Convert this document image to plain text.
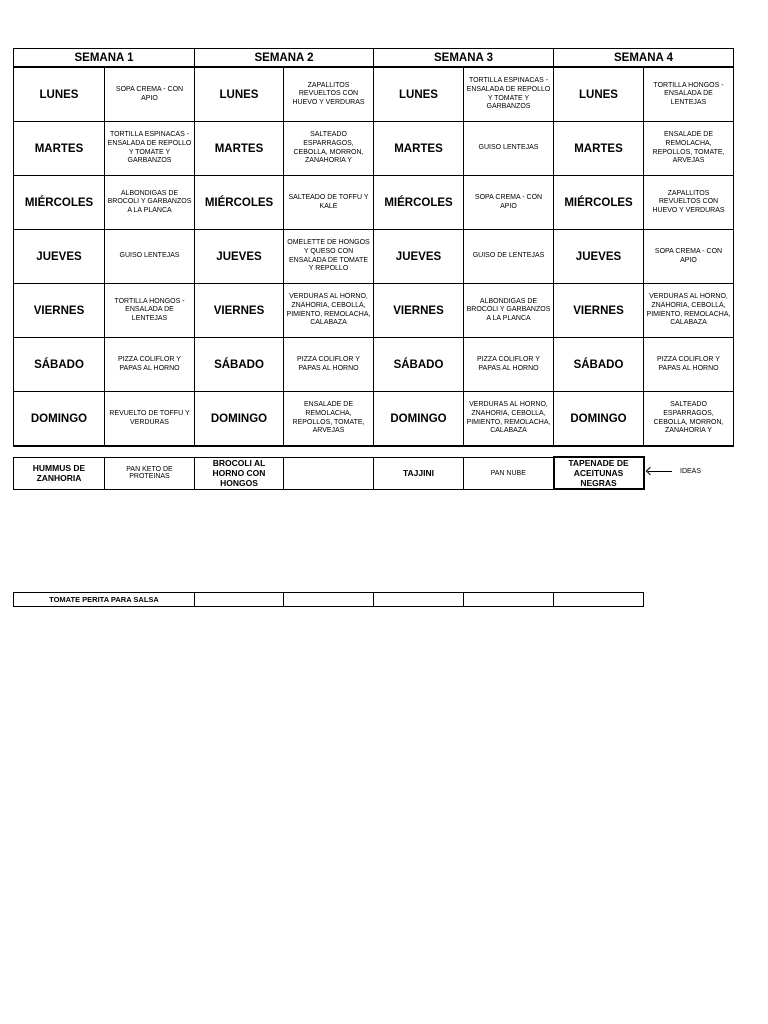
SEMANA 1		SEMANA 2		SEMANA 3		SEMANA 4	
LUNES	SOPA CREMA - CON APIO	LUNES	ZAPALLITOS REVUELTOS CON HUEVO Y VERDURAS	LUNES	TORTILLA ESPINACAS - ENSALADA DE REPOLLO Y TOMATE Y GARBANZOS	LUNES	TORTILLA HONGOS - ENSALADA DE LENTEJAS
MARTES	TORTILLA ESPINACAS - ENSALADA DE REPOLLO Y TOMATE Y GARBANZOS	MARTES	SALTEADO ESPARRAGOS, CEBOLLA, MORRON, ZANAHORIA Y	MARTES	GUISO LENTEJAS	MARTES	ENSALADE DE REMOLACHA, REPOLLOS, TOMATE, ARVEJAS
MIÉRCOLES	ALBONDIGAS DE BROCOLI Y GARBANZOS A LA PLANCA	MIÉRCOLES	SALTEADO DE TOFFU Y KALE	MIÉRCOLES	SOPA CREMA - CON APIO	MIÉRCOLES	ZAPALLITOS REVUELTOS CON HUEVO Y VERDURAS
JUEVES	GUISO LENTEJAS	JUEVES	OMELETTE DE HONGOS Y QUESO CON ENSALADA DE TOMATE Y REPOLLO	JUEVES	GUISO DE LENTEJAS	JUEVES	SOPA CREMA - CON APIO
VIERNES	TORTILLA HONGOS - ENSALADA DE LENTEJAS	VIERNES	VERDURAS AL HORNO, ZNAHORIA, CEBOLLA, PIMIENTO, REMOLACHA, CALABAZA	VIERNES	ALBONDIGAS DE BROCOLI Y GARBANZOS A LA PLANCA	VIERNES	VERDURAS AL HORNO, ZNAHORIA, CEBOLLA, PIMIENTO, REMOLACHA, CALABAZA
SÁBADO	PIZZA COLIFLOR Y PAPAS AL HORNO	SÁBADO	PIZZA COLIFLOR Y PAPAS AL HORNO	SÁBADO	PIZZA COLIFLOR Y PAPAS AL HORNO	SÁBADO	PIZZA COLIFLOR Y PAPAS AL HORNO
DOMINGO	REVUELTO DE TOFFU Y VERDURAS	DOMINGO	ENSALADE DE REMOLACHA, REPOLLOS, TOMATE, ARVEJAS	DOMINGO	VERDURAS AL HORNO, ZNAHORIA, CEBOLLA, PIMIENTO, REMOLACHA, CALABAZA	DOMINGO	SALTEADO ESPARRAGOS, CEBOLLA, MORRON, ZANAHORIA Y
HUMMUS DE ZANHORIA	PAN KETO DE PROTEINAS	BROCOLI AL HORNO CON HONGOS		TAJJINI	PAN NUBE	TAPENADE DE ACEITUNAS NEGRAS
IDEAS
TOMATE PERITA PARA SALSA					
